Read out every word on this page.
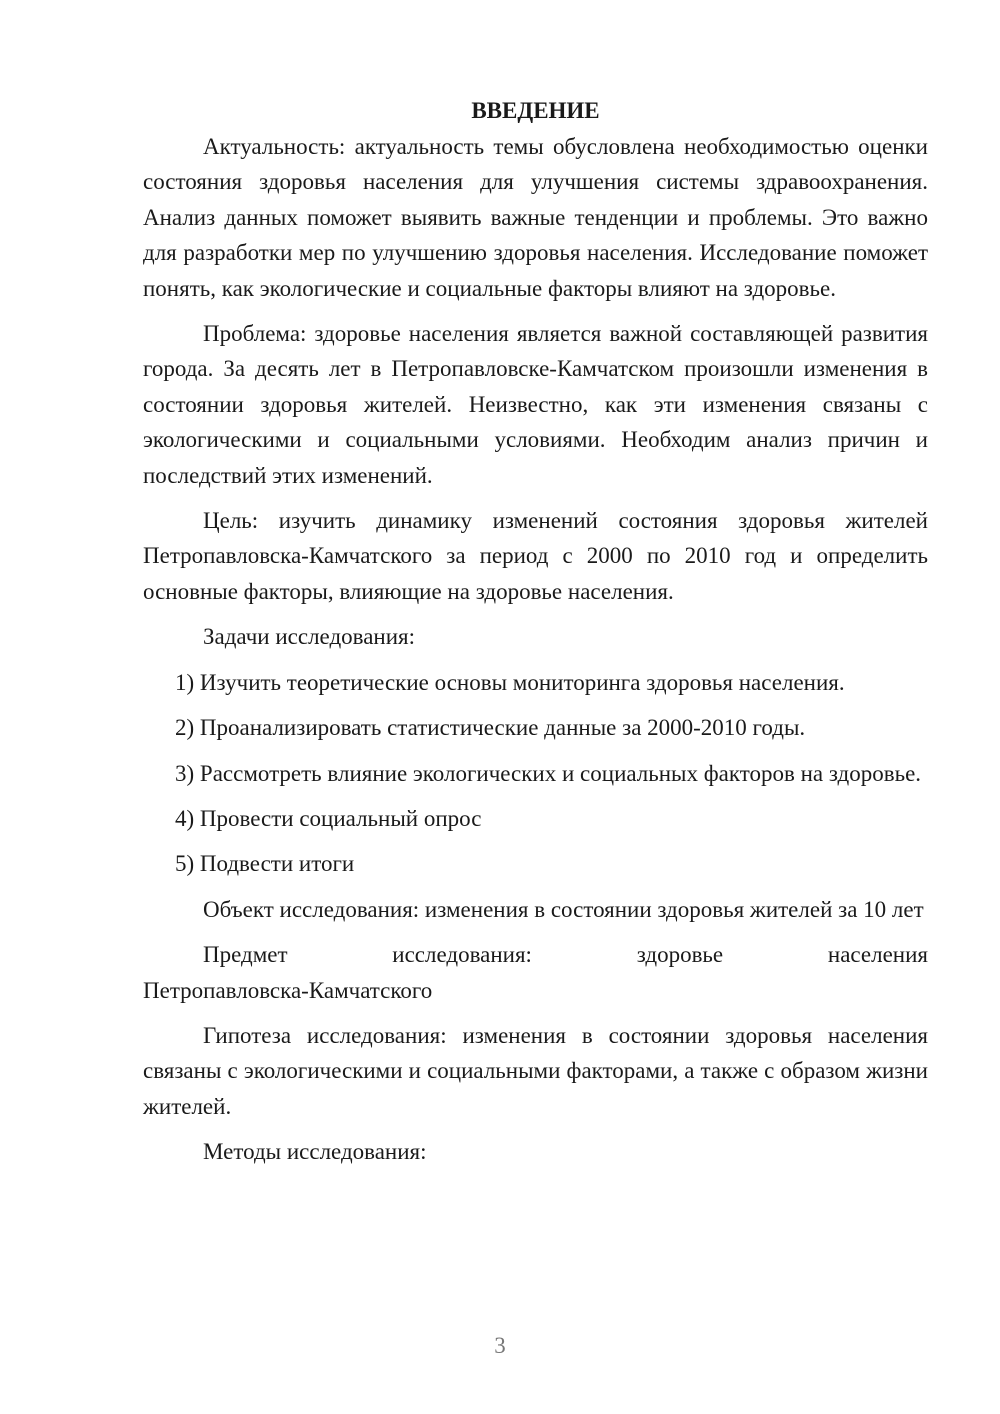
ВВЕДЕНИЕ

Актуальность: актуальность темы обусловлена необходимостью оценки состояния здоровья населения для улучшения системы здравоохранения. Анализ данных поможет выявить важные тенденции и проблемы. Это важно для разработки мер по улучшению здоровья населения. Исследование поможет понять, как экологические и социальные факторы влияют на здоровье.

Проблема: здоровье населения является важной составляющей развития города. За десять лет в Петропавловске-Камчатском произошли изменения в состоянии здоровья жителей. Неизвестно, как эти изменения связаны с экологическими и социальными условиями. Необходим анализ причин и последствий этих изменений.

Цель: изучить динамику изменений состояния здоровья жителей Петропавловска-Камчатского за период с 2000 по 2010 год и определить основные факторы, влияющие на здоровье населения.

Задачи исследования:

1) Изучить теоретические основы мониторинга здоровья населения.

2) Проанализировать статистические данные за 2000-2010 годы.

3) Рассмотреть влияние экологических и социальных факторов на здоровье.

4) Провести социальный опрос

5) Подвести итоги

Объект исследования: изменения в состоянии здоровья жителей за 10 лет

Предмет исследования: здоровье населения

Петропавловска-Камчатского

Гипотеза исследования: изменения в состоянии здоровья населения связаны с экологическими и социальными факторами, а также с образом жизни жителей.

Методы исследования:

3
